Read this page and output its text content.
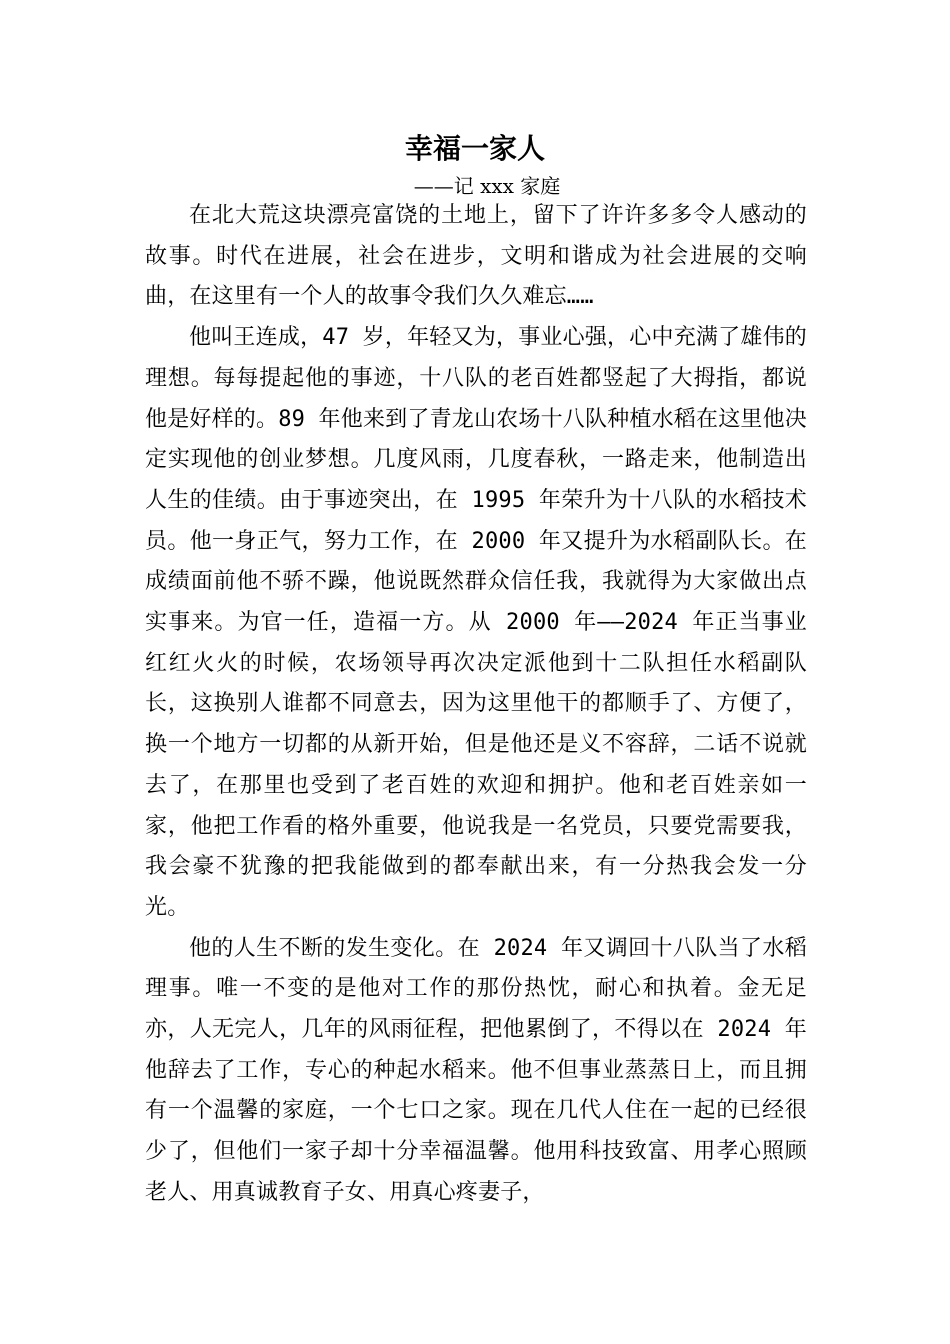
幸福一家人
——记 xxx 家庭

在北大荒这块漂亮富饶的土地上，留下了许许多多令人感动的故事。时代在进展，社会在进步，文明和谐成为社会进展的交响曲，在这里有一个人的故事令我们久久难忘……

他叫王连成，47 岁，年轻又为，事业心强，心中充满了雄伟的理想。每每提起他的事迹，十八队的老百姓都竖起了大拇指，都说他是好样的。89 年他来到了青龙山农场十八队种植水稻在这里他决定实现他的创业梦想。几度风雨，几度春秋，一路走来，他制造出人生的佳绩。由于事迹突出，在 1995 年荣升为十八队的水稻技术员。他一身正气，努力工作，在 2000 年又提升为水稻副队长。在成绩面前他不骄不躁，他说既然群众信任我，我就得为大家做出点实事来。为官一任，造福一方。从 2000 年——2024 年正当事业红红火火的时候，农场领导再次决定派他到十二队担任水稻副队长，这换别人谁都不同意去，因为这里他干的都顺手了、方便了，换一个地方一切都的从新开始，但是他还是义不容辞，二话不说就去了，在那里也受到了老百姓的欢迎和拥护。他和老百姓亲如一家，他把工作看的格外重要，他说我是一名党员，只要党需要我，我会豪不犹豫的把我能做到的都奉献出来，有一分热我会发一分光。

他的人生不断的发生变化。在 2024 年又调回十八队当了水稻理事。唯一不变的是他对工作的那份热忱，耐心和执着。金无足亦，人无完人，几年的风雨征程，把他累倒了，不得以在 2024 年他辞去了工作，专心的种起水稻来。他不但事业蒸蒸日上，而且拥有一个温馨的家庭，一个七口之家。现在几代人住在一起的已经很少了，但他们一家子却十分幸福温馨。他用科技致富、用孝心照顾老人、用真诚教育子女、用真心疼妻子，
